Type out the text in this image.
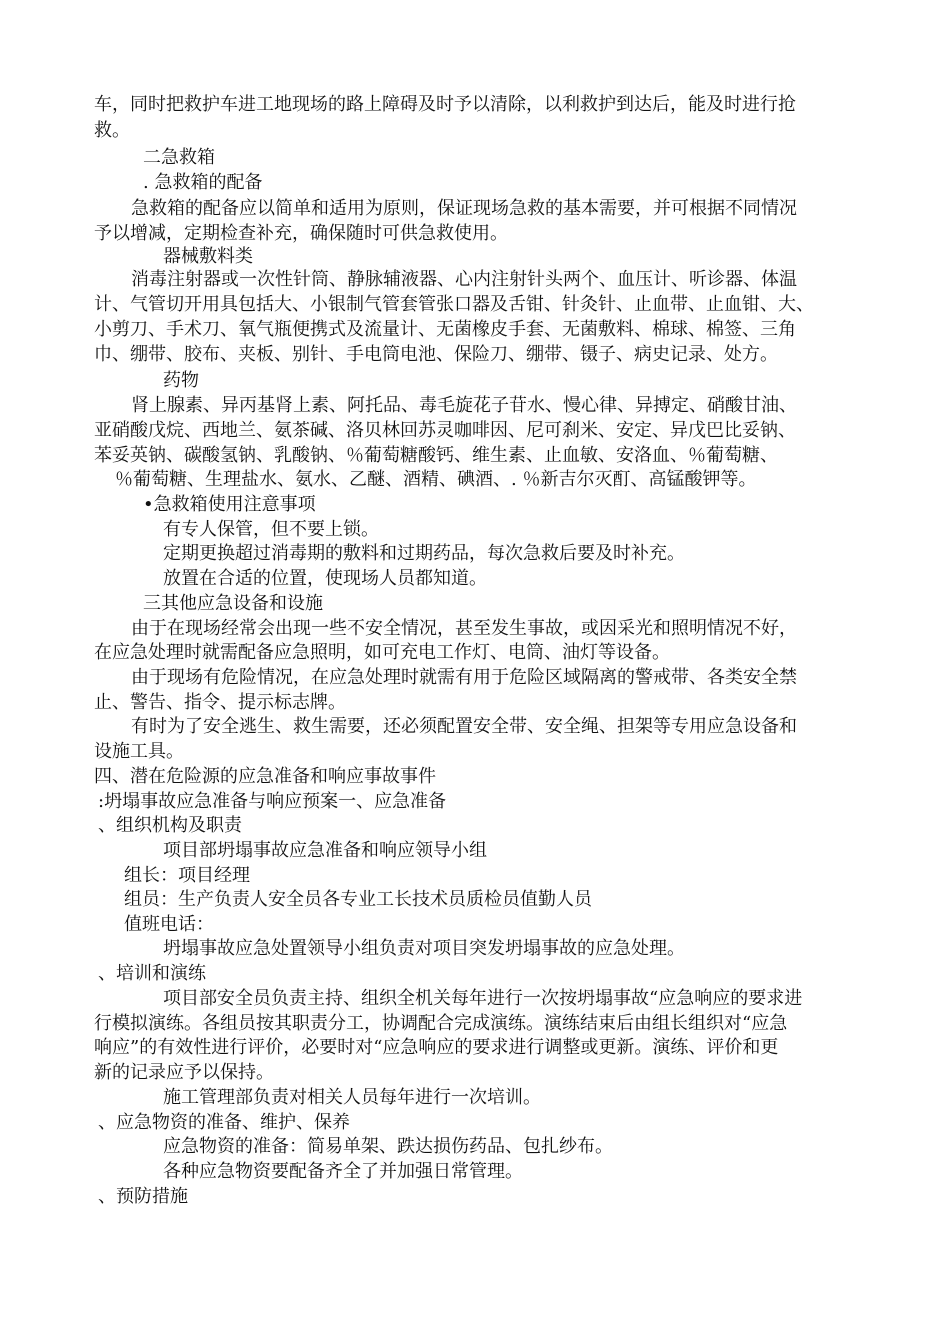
车，同时把救护车进工地现场的路上障碍及时予以清除，以利救护到达后，能及时进行抢
救。
二急救箱
. 急救箱的配备
急救箱的配备应以简单和适用为原则，保证现场急救的基本需要，并可根据不同情况
予以增减，定期检查补充，确保随时可供急救使用。
器械敷料类
消毒注射器或一次性针筒、静脉辅液器、心内注射针头两个、血压计、听诊器、体温
计、气管切开用具包括大、小银制气管套管张口器及舌钳、针灸针、止血带、止血钳、大、
小剪刀、手术刀、氧气瓶便携式及流量计、无菌橡皮手套、无菌敷料、棉球、棉签、三角
巾、绷带、胶布、夹板、别针、手电筒电池、保险刀、绷带、镊子、病史记录、处方。
药物
肾上腺素、异丙基肾上素、阿托品、毒毛旋花子苷水、慢心律、异搏定、硝酸甘油、
亚硝酸戊烷、西地兰、氨茶碱、洛贝林回苏灵咖啡因、尼可刹米、安定、异戊巴比妥钠、
苯妥英钠、碳酸氢钠、乳酸钠、％葡萄糖酸钙、维生素、止血敏、安洛血、％葡萄糖、
％葡萄糖、生理盐水、氨水、乙醚、酒精、碘酒、. ％新吉尔灭酊、高锰酸钾等。
•急救箱使用注意事项
有专人保管，但不要上锁。
定期更换超过消毒期的敷料和过期药品，每次急救后要及时补充。
放置在合适的位置，使现场人员都知道。
三其他应急设备和设施
由于在现场经常会出现一些不安全情况，甚至发生事故，或因采光和照明情况不好，
在应急处理时就需配备应急照明，如可充电工作灯、电筒、油灯等设备。
由于现场有危险情况，在应急处理时就需有用于危险区域隔离的警戒带、各类安全禁
止、警告、指令、提示标志牌。
有时为了安全逃生、救生需要，还必须配置安全带、安全绳、担架等专用应急设备和
设施工具。
四、潜在危险源的应急准备和响应事故事件
:坍塌事故应急准备与响应预案一、应急准备
、组织机构及职责
项目部坍塌事故应急准备和响应领导小组
组长：项目经理
组员：生产负责人安全员各专业工长技术员质检员值勤人员
值班电话：
坍塌事故应急处置领导小组负责对项目突发坍塌事故的应急处理。
、培训和演练
项目部安全员负责主持、组织全机关每年进行一次按坍塌事故“应急响应的要求进
行模拟演练。各组员按其职责分工，协调配合完成演练。演练结束后由组长组织对“应急
响应”的有效性进行评价，必要时对“应急响应的要求进行调整或更新。演练、评价和更
新的记录应予以保持。
施工管理部负责对相关人员每年进行一次培训。
、应急物资的准备、维护、保养
应急物资的准备：简易单架、跌达损伤药品、包扎纱布。
各种应急物资要配备齐全了并加强日常管理。
、预防措施
